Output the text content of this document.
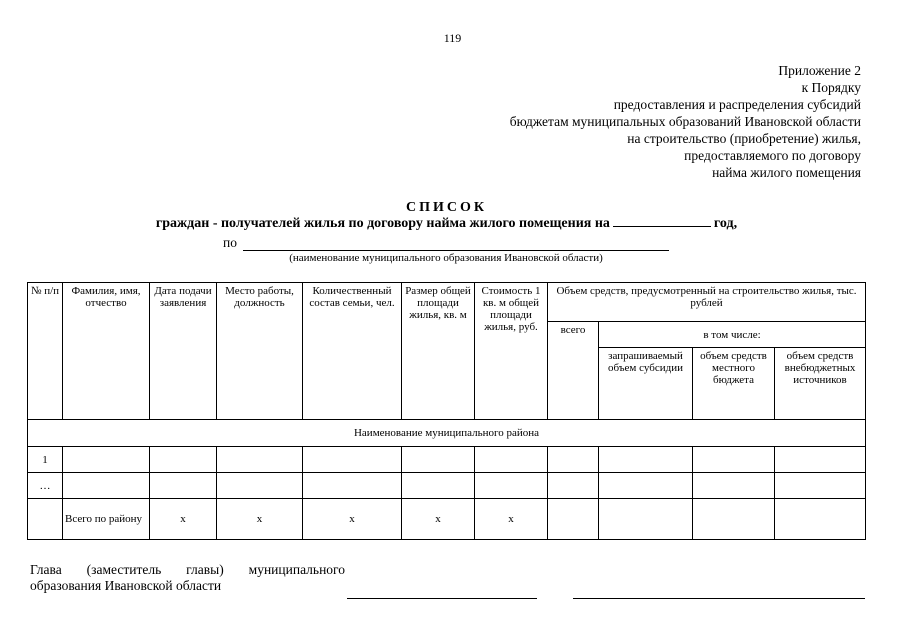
119
Приложение 2
к Порядку
предоставления и распределения субсидий
бюджетам муниципальных образований Ивановской области
на строительство (приобретение) жилья,
предоставляемого по договору
найма жилого помещения
СПИСОК
граждан - получателей жилья по договору найма жилого помещения на	год,
по
(наименование муниципального образования Ивановской области)
№ п/п	Фамилия, имя, отчество	Дата подачи заявления	Место работы, должность	Количественный состав семьи, чел.	Размер общей площади жилья, кв. м	Стоимость 1 кв. м общей площади жилья, руб.	Объем средств, предусмотренный на строительство жилья, тыс. рублей			
							всего	в том числе:		
								запрашиваемый объем субсидии	объем средств местного бюджета	объем средств внебюджетных источников
Наименование муниципального района										
1										
…										
	Всего по району	x	x	x	x	x				
Глава (заместитель главы) муниципального образования Ивановской области
